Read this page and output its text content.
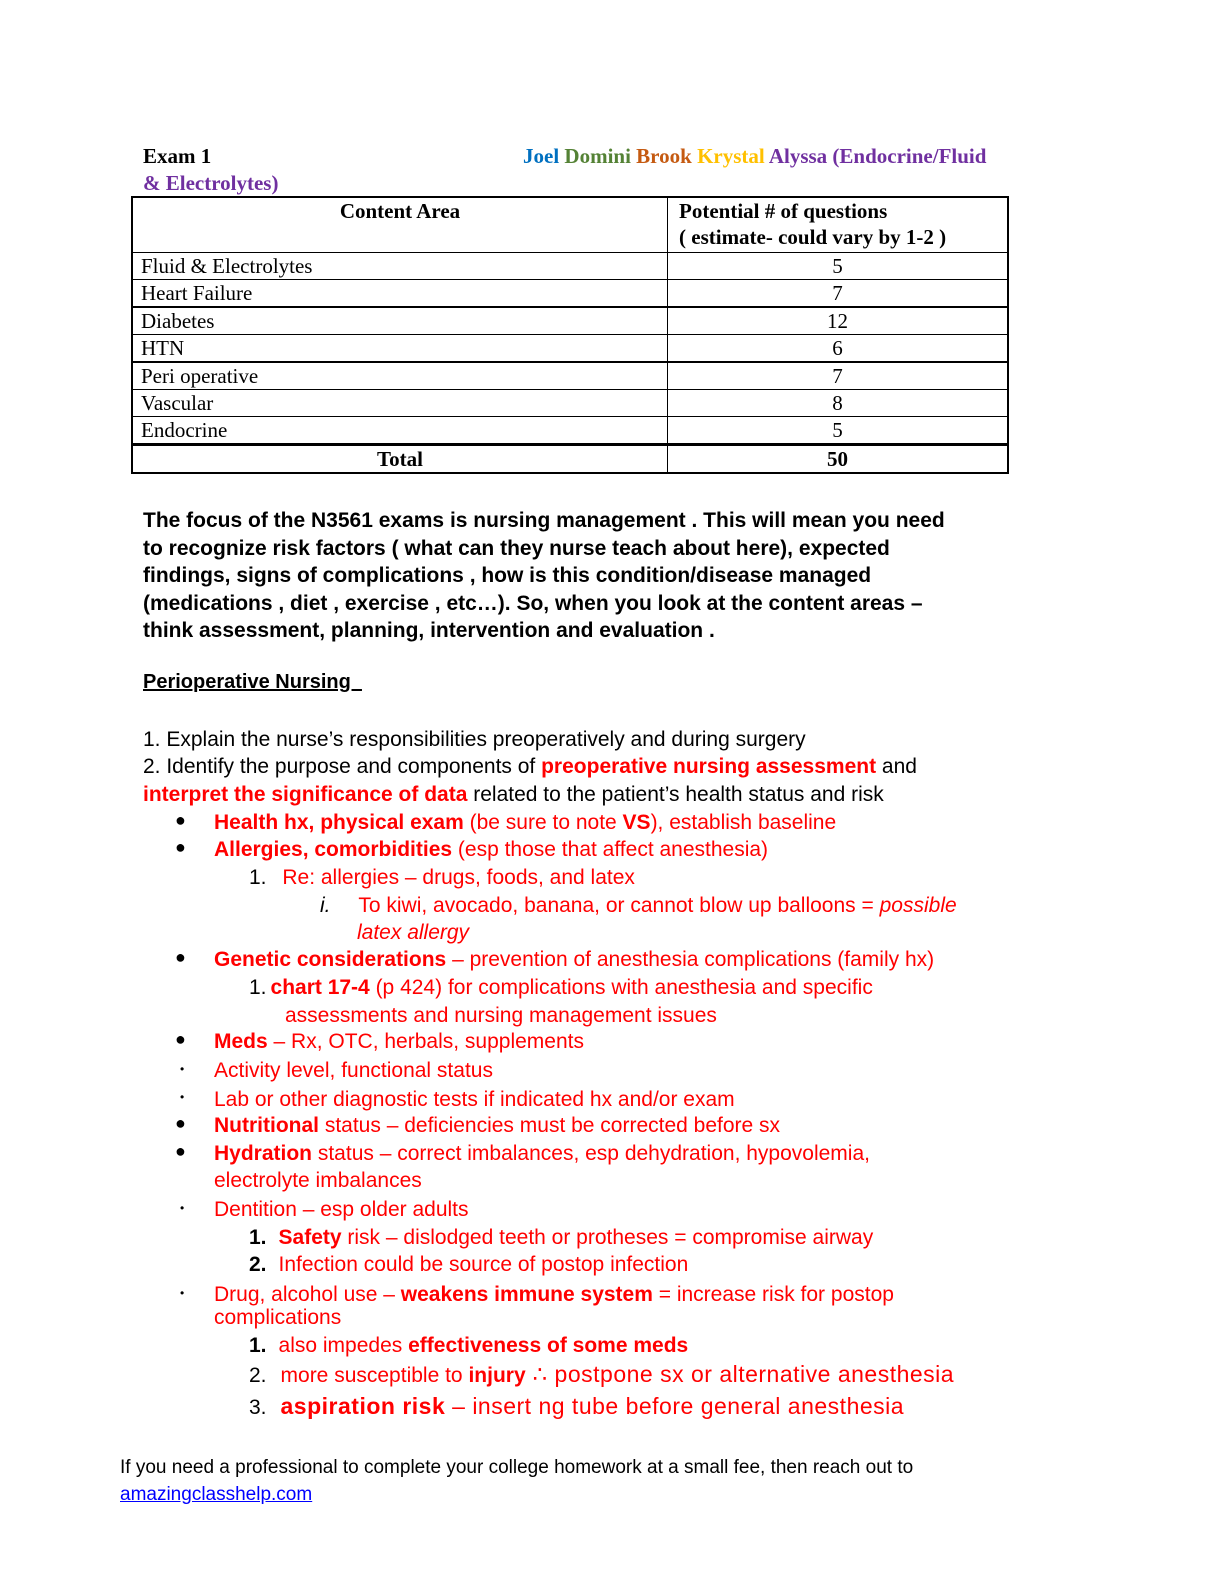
Exam 1	Joel Domini Brook Krystal Alyssa (Endocrine/Fluid
& Electrolytes)
Content Area	Potential # of questions
( estimate- could vary by 1-2 )
Fluid & Electrolytes	5
Heart Failure	7
Diabetes	12
HTN	6
Peri operative	7
Vascular	8
Endocrine	5
Total	50
The focus of the N3561 exams is nursing management . This will mean you need
to recognize risk factors ( what can they nurse teach about here), expected
findings, signs of complications , how is this condition/disease managed
(medications , diet , exercise , etc…). So, when you look at the content areas –
think assessment, planning, intervention and evaluation .
Perioperative Nursing
1. Explain the nurse’s responsibilities preoperatively and during surgery
2. Identify the purpose and components of preoperative nursing assessment and
interpret the significance of data related to the patient’s health status and risk
● Health hx, physical exam (be sure to note VS), establish baseline
● Allergies, comorbidities (esp those that affect anesthesia)
1. Re: allergies – drugs, foods, and latex
i. To kiwi, avocado, banana, or cannot blow up balloons = possible
latex allergy
● Genetic considerations – prevention of anesthesia complications (family hx)
1. chart 17-4 (p 424) for complications with anesthesia and specific
assessments and nursing management issues
● Meds – Rx, OTC, herbals, supplements
• Activity level, functional status
• Lab or other diagnostic tests if indicated hx and/or exam
● Nutritional status – deficiencies must be corrected before sx
● Hydration status – correct imbalances, esp dehydration, hypovolemia,
electrolyte imbalances
• Dentition – esp older adults
1. Safety risk – dislodged teeth or protheses = compromise airway
2. Infection could be source of postop infection
• Drug, alcohol use – weakens immune system = increase risk for postop
complications
1. also impedes effectiveness of some meds
2. more susceptible to injury ∴ postpone sx or alternative anesthesia
3. aspiration risk – insert ng tube before general anesthesia
If you need a professional to complete your college homework at a small fee, then reach out to
amazingclasshelp.com
